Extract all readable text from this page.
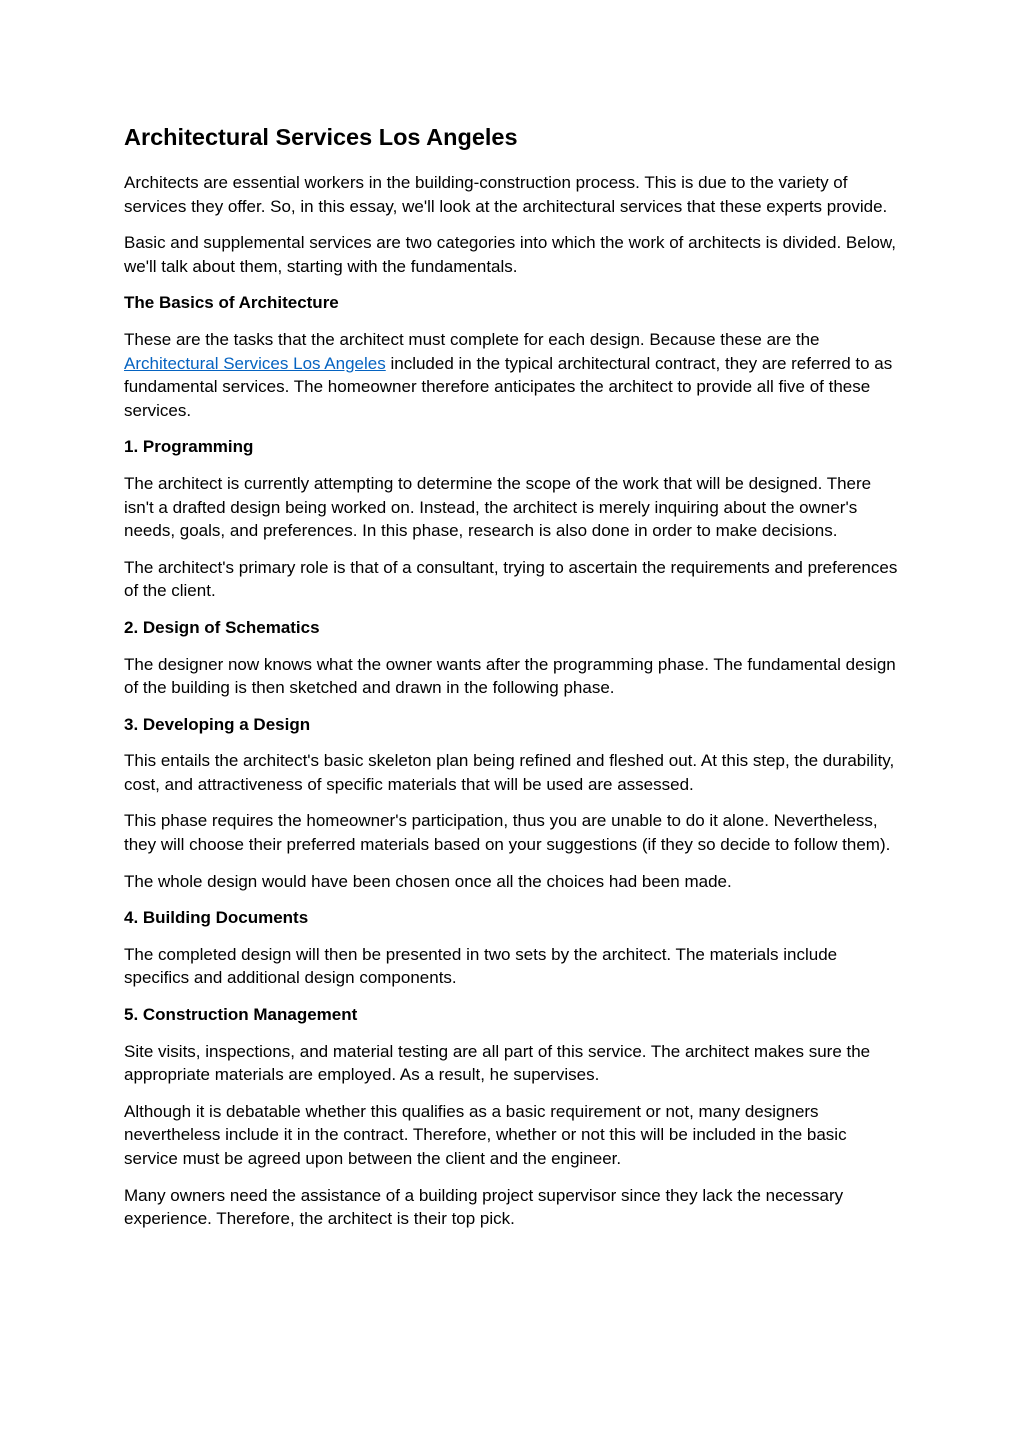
Architectural Services Los Angeles

Architects are essential workers in the building-construction process. This is due to the variety of services they offer. So, in this essay, we'll look at the architectural services that these experts provide.

Basic and supplemental services are two categories into which the work of architects is divided. Below, we'll talk about them, starting with the fundamentals.

The Basics of Architecture

These are the tasks that the architect must complete for each design. Because these are the Architectural Services Los Angeles included in the typical architectural contract, they are referred to as fundamental services. The homeowner therefore anticipates the architect to provide all five of these services.

1. Programming

The architect is currently attempting to determine the scope of the work that will be designed. There isn't a drafted design being worked on. Instead, the architect is merely inquiring about the owner's needs, goals, and preferences. In this phase, research is also done in order to make decisions.

The architect's primary role is that of a consultant, trying to ascertain the requirements and preferences of the client.

2. Design of Schematics

The designer now knows what the owner wants after the programming phase. The fundamental design of the building is then sketched and drawn in the following phase.

3. Developing a Design

This entails the architect's basic skeleton plan being refined and fleshed out. At this step, the durability, cost, and attractiveness of specific materials that will be used are assessed.

This phase requires the homeowner's participation, thus you are unable to do it alone. Nevertheless, they will choose their preferred materials based on your suggestions (if they so decide to follow them).

The whole design would have been chosen once all the choices had been made.

4. Building Documents

The completed design will then be presented in two sets by the architect. The materials include specifics and additional design components.

5. Construction Management

Site visits, inspections, and material testing are all part of this service. The architect makes sure the appropriate materials are employed. As a result, he supervises.

Although it is debatable whether this qualifies as a basic requirement or not, many designers nevertheless include it in the contract. Therefore, whether or not this will be included in the basic service must be agreed upon between the client and the engineer.

Many owners need the assistance of a building project supervisor since they lack the necessary experience. Therefore, the architect is their top pick.
